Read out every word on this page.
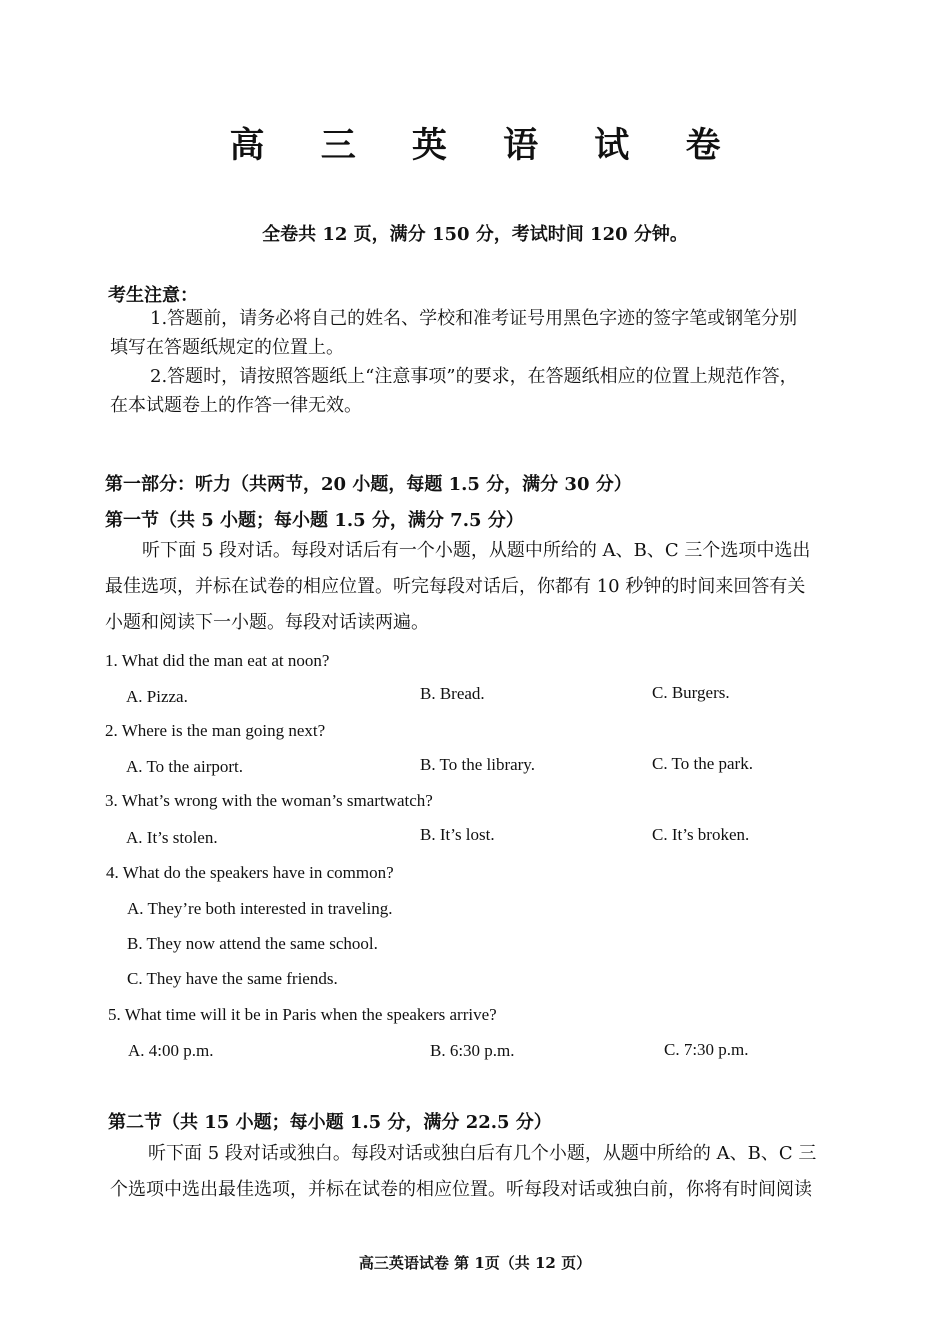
高 三 英 语 试 卷
全卷共 12 页，满分 150 分，考试时间 120 分钟。
考生注意：
1.答题前，请务必将自己的姓名、学校和准考证号用黑色字迹的签字笔或钢笔分别
填写在答题纸规定的位置上。
2.答题时，请按照答题纸上“注意事项”的要求，在答题纸相应的位置上规范作答，
在本试题卷上的作答一律无效。
第一部分：听力（共两节，20 小题，每题 1.5 分，满分 30 分）
第一节（共 5 小题；每小题 1.5 分，满分 7.5 分）
听下面 5 段对话。每段对话后有一个小题，从题中所给的 A、B、C 三个选项中选出
最佳选项，并标在试卷的相应位置。听完每段对话后，你都有 10 秒钟的时间来回答有关
小题和阅读下一小题。每段对话读两遍。
1. What did the man eat at noon?
A. Pizza.	B. Bread.	C. Burgers.
2. Where is the man going next?
A. To the airport.	B. To the library.	C. To the park.
3. What’s wrong with the woman’s smartwatch?
A. It’s stolen.	B. It’s lost.	C. It’s broken.
4. What do the speakers have in common?
A. They’re both interested in traveling.
B. They now attend the same school.
C. They have the same friends.
5. What time will it be in Paris when the speakers arrive?
A. 4:00 p.m.	B. 6:30 p.m.	C. 7:30 p.m.
第二节（共 15 小题；每小题 1.5 分，满分 22.5 分）
听下面 5 段对话或独白。每段对话或独白后有几个小题，从题中所给的 A、B、C 三
个选项中选出最佳选项，并标在试卷的相应位置。听每段对话或独白前，你将有时间阅读
高三英语试卷 第 1页（共 12 页）
